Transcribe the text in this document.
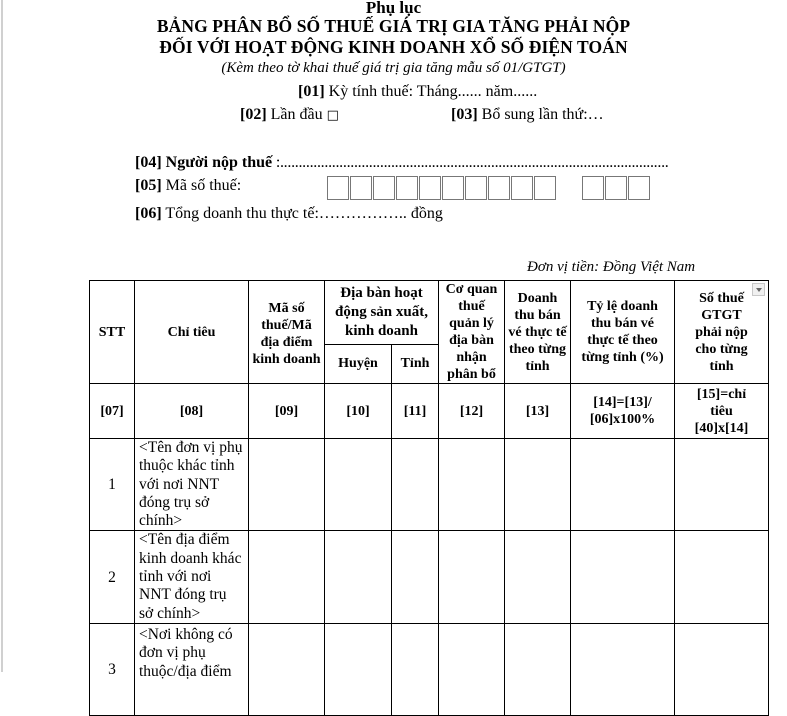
Phụ lục
BẢNG PHÂN BỔ SỐ THUẾ GIÁ TRỊ GIA TĂNG PHẢI NỘP
ĐỐI VỚI HOẠT ĐỘNG KINH DOANH XỔ SỐ ĐIỆN TOÁN
(Kèm theo tờ khai thuế giá trị gia tăng mẫu số 01/GTGT)
[01] Kỳ tính thuế: Tháng...... năm......
[02] Lần đầu □	[03] Bổ sung lần thứ:…
[04] Người nộp thuế :.........................................................................................................
[05] Mã số thuế:
[06] Tổng doanh thu thực tế:…………….. đồng
Đơn vị tiền: Đồng Việt Nam
STT	Chỉ tiêu	Mã số thuế/Mã địa điểm kinh doanh	Địa bàn hoạt động sản xuất, kinh doanh		Cơ quan thuế quản lý địa bàn nhận phân bổ	Doanh thu bán vé thực tế theo từng tỉnh	Tỷ lệ doanh thu bán vé thực tế theo từng tỉnh (%)	Số thuế GTGT phải nộp cho từng tỉnh
			Huyện	Tỉnh				
[07]	[08]	[09]	[10]	[11]	[12]	[13]	[14]=[13]/ [06]x100%	[15]=chỉ tiêu [40]x[14]
1	<Tên đơn vị phụ thuộc khác tỉnh với nơi NNT đóng trụ sở chính>							
2	<Tên địa điểm kinh doanh khác tỉnh với nơi NNT đóng trụ sở chính>							
3	<Nơi không có đơn vị phụ thuộc/địa điểm							
